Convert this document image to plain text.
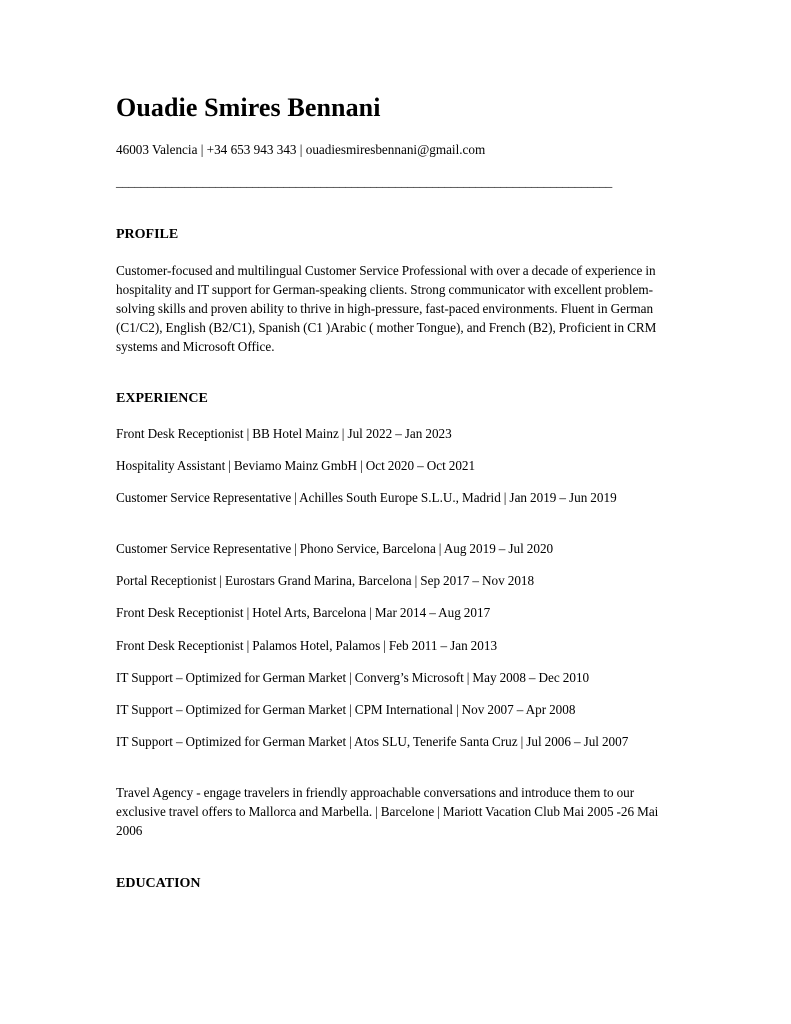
Ouadie Smires Bennani
46003 Valencia | +34 653 943 343 | ouadiesmiresbennani@gmail.com
________________________________________________________________________________
PROFILE
Customer-focused and multilingual Customer Service Professional with over a decade of experience in hospitality and IT support for German-speaking clients. Strong communicator with excellent problem-solving skills and proven ability to thrive in high-pressure, fast-paced environments. Fluent in German (C1/C2), English (B2/C1), Spanish (C1 )Arabic ( mother Tongue), and French (B2), Proficient in CRM systems and Microsoft Office.
EXPERIENCE
Front Desk Receptionist | BB Hotel Mainz | Jul 2022 – Jan 2023
Hospitality Assistant | Beviamo Mainz GmbH | Oct 2020 – Oct 2021
Customer Service Representative | Achilles South Europe S.L.U., Madrid | Jan 2019 – Jun 2019
Customer Service Representative | Phono Service, Barcelona | Aug 2019 – Jul 2020
Portal Receptionist | Eurostars Grand Marina, Barcelona | Sep 2017 – Nov 2018
Front Desk Receptionist | Hotel Arts, Barcelona | Mar 2014 – Aug 2017
Front Desk Receptionist | Palamos Hotel, Palamos | Feb 2011 – Jan 2013
IT Support – Optimized for German Market | Converg’s Microsoft | May 2008 – Dec 2010
IT Support – Optimized for German Market | CPM International | Nov 2007 – Apr 2008
IT Support – Optimized for German Market | Atos SLU, Tenerife Santa Cruz | Jul 2006 – Jul 2007
Travel Agency - engage travelers in friendly approachable conversations and introduce them to our exclusive travel offers to Mallorca and Marbella. | Barcelone | Mariott Vacation Club Mai 2005 -26 Mai 2006
EDUCATION
